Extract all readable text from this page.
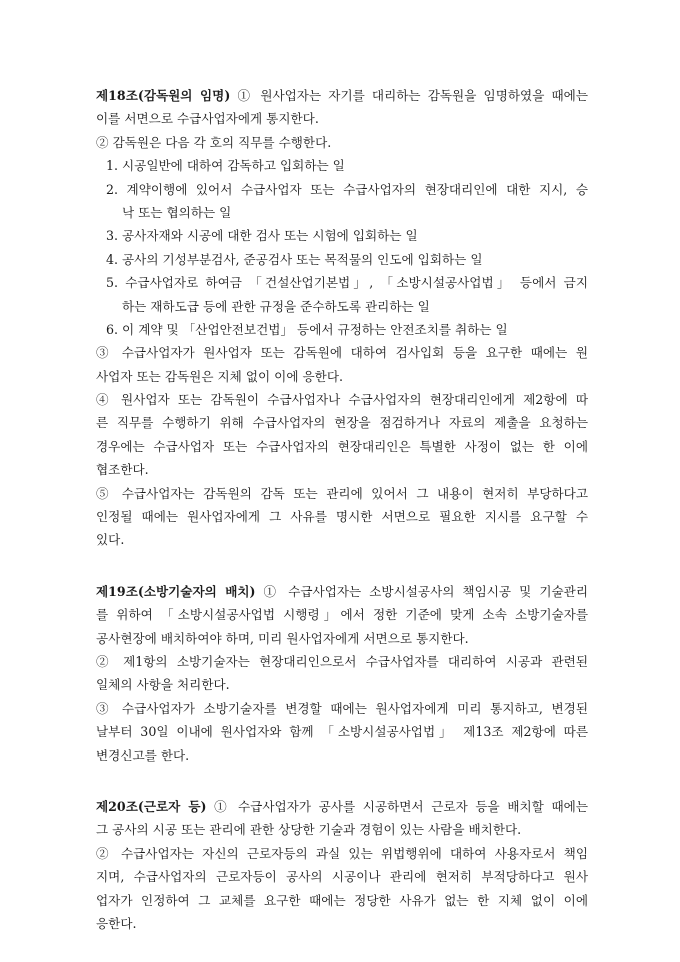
제18조(감독원의 임명) ① 원사업자는 자기를 대리하는 감독원을 임명하였을 때에는
이를 서면으로 수급사업자에게 통지한다.
② 감독원은 다음 각 호의 직무를 수행한다.
1. 시공일반에 대하여 감독하고 입회하는 일
2. 계약이행에 있어서 수급사업자 또는 수급사업자의 현장대리인에 대한 지시, 승
낙 또는 협의하는 일
3. 공사자재와 시공에 대한 검사 또는 시험에 입회하는 일
4. 공사의 기성부분검사, 준공검사 또는 목적물의 인도에 입회하는 일
5. 수급사업자로 하여금 「건설산업기본법」, 「소방시설공사업법」 등에서 금지
하는 재하도급 등에 관한 규정을 준수하도록 관리하는 일
6. 이 계약 및 「산업안전보건법」 등에서 규정하는 안전조치를 취하는 일
③ 수급사업자가 원사업자 또는 감독원에 대하여 검사입회 등을 요구한 때에는 원
사업자 또는 감독원은 지체 없이 이에 응한다.
④ 원사업자 또는 감독원이 수급사업자나 수급사업자의 현장대리인에게 제2항에 따
른 직무를 수행하기 위해 수급사업자의 현장을 점검하거나 자료의 제출을 요청하는
경우에는 수급사업자 또는 수급사업자의 현장대리인은 특별한 사정이 없는 한 이에
협조한다.
⑤ 수급사업자는 감독원의 감독 또는 관리에 있어서 그 내용이 현저히 부당하다고
인정될 때에는 원사업자에게 그 사유를 명시한 서면으로 필요한 지시를 요구할 수
있다.
제19조(소방기술자의 배치) ① 수급사업자는 소방시설공사의 책임시공 및 기술관리
를 위하여 「소방시설공사업법 시행령」에서 정한 기준에 맞게 소속 소방기술자를
공사현장에 배치하여야 하며, 미리 원사업자에게 서면으로 통지한다.
② 제1항의 소방기술자는 현장대리인으로서 수급사업자를 대리하여 시공과 관련된
일체의 사항을 처리한다.
③ 수급사업자가 소방기술자를 변경할 때에는 원사업자에게 미리 통지하고, 변경된
날부터 30일 이내에 원사업자와 함께 「소방시설공사업법」 제13조 제2항에 따른
변경신고를 한다.
제20조(근로자 등) ① 수급사업자가 공사를 시공하면서 근로자 등을 배치할 때에는
그 공사의 시공 또는 관리에 관한 상당한 기술과 경험이 있는 사람을 배치한다.
② 수급사업자는 자신의 근로자등의 과실 있는 위법행위에 대하여 사용자로서 책임
지며, 수급사업자의 근로자등이 공사의 시공이나 관리에 현저히 부적당하다고 원사
업자가 인정하여 그 교체를 요구한 때에는 정당한 사유가 없는 한 지체 없이 이에
응한다.
